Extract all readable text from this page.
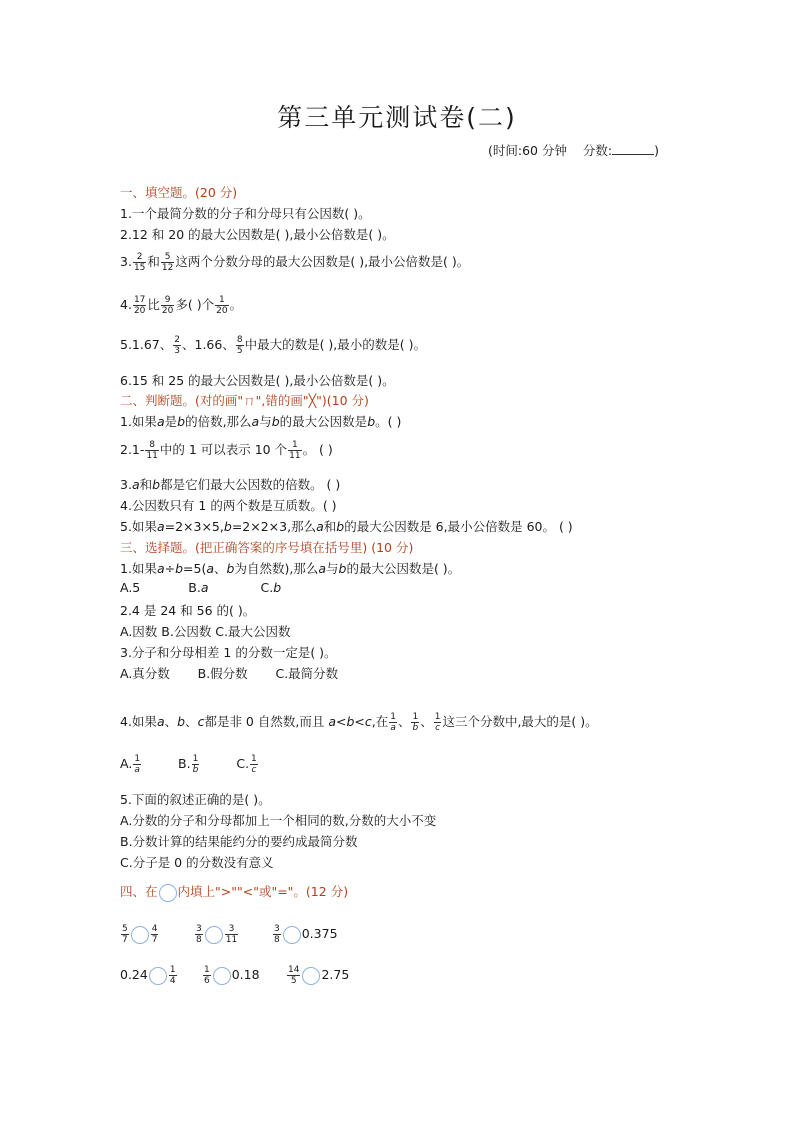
第三单元测试卷(二)
(时间:60 分钟 分数:	)
一、填空题。(20 分)
1.一个最简分数的分子和分母只有公因数( )。
2.12 和 20 的最大公因数是( ),最小公倍数是( )。
3. $\frac{2}{15}$ 和 $\frac{5}{12}$ 这两个分数分母的最大公因数是( ),最小公倍数是( )。
4. $\frac{17}{20}$ 比 $\frac{9}{20}$ 多( )个 $\frac{1}{20}$ 。
5.1.67、 $\frac{2}{3}$ 、1.66、 $\frac{8}{5}$ 中最大的数是( ),最小的数是( )。
6.15 和 25 的最大公因数是( ),最小公倍数是( )。
二、判断题。(对的画"ㄇ",错的画"╳")(10 分)
1.如果a是b的倍数,那么a与b的最大公因数是b。( )
$2.1- \frac{8}{11}$ 中的 1 可以表示 10 个 $\frac{1}{11}$ 。 ( )
3.a和b都是它们最大公因数的倍数。 ( )
4.公因数只有 1 的两个数是互质数。( )
5.如果a=2×3×5,b=2×2×3,那么a和b的最大公因数是 6,最小公倍数是 60。 ( )
三、选择题。(把正确答案的序号填在括号里) (10 分)
1.如果a÷b=5(a、b为自然数),那么a与b的最大公因数是( )。
A.5	B.a	C.b
2.4 是 24 和 56 的( )。
A.因数 B.公因数 C.最大公因数
3.分子和分母相差 1 的分数一定是( )。
A.真分数       B.假分数       C.最简分数
4.如果a、b、c都是非 0 自然数,而且 a<b<c,在 $\frac{1}{a}$ 、 $\frac{1}{b}$ 、 $\frac{1}{c}$ 这三个分数中,最大的是( )。
A. $\frac{1}{a}$	B. $\frac{1}{b}$	C. $\frac{1}{c}$
5.下面的叙述正确的是( )。
A.分数的分子和分母都加上一个相同的数,分数的大小不变
B.分数计算的结果能约分的要约成最简分数
C.分子是 0 的分数没有意义
四、在 内填上">""<"或"="。(12 分)
$\frac{5}{7} \frac{4}{7}$	$\frac{3}{8} \frac{3}{11}$	$\frac{3}{8} 0.375$
$0.24 \frac{1}{4}$	$\frac{1}{6} 0.18$	$\frac{14}{5} 2.75$
